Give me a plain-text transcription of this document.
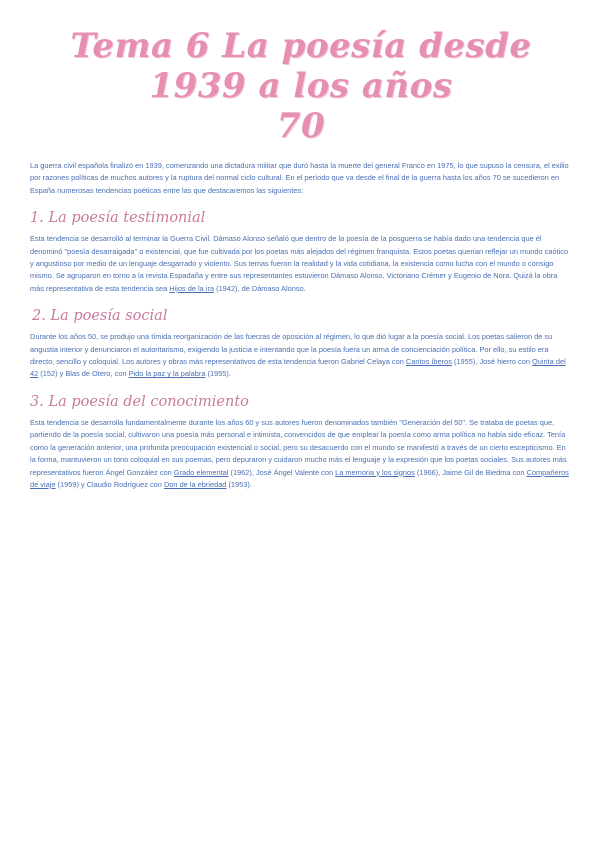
Tema 6 La poesía desde 1939 a los años
70

La guerra civil española finalizó en 1939, comenzando una dictadura militar que duró hasta la muerte del general Franco en 1975, lo que supuso la censura, el exilio por razones políticas de muchos autores y la ruptura del normal ciclo cultural. En el período que va desde el final de la guerra hasta los años 70 se sucedieron en España numerosas tendencias poéticas entre las que destacaremos las siguientes:

1. La poesía testimonial

Esta tendencia se desarrolló al terminar la Guerra Civil. Dámaso Alonso señaló que dentro de la poesía de la posguerra se había dado una tendencia que él denominó "poesía desarraigada" o existencial, que fue cultivada por los poetas más alejados del régimen franquista. Estos poetas querían reflejar un mundo caótico y angustioso por medio de un lenguaje desgarrado y violento. Sus temas fueron la realidad y la vida cotidiana, la existencia como lucha con el mundo o consigo mismo. Se agruparon en torno a la revista Espadaña y entre sus representantes estuvieron Dámaso Alonso, Victoriano Crémer y Eugenio de Nora. Quizá la obra más representativa de esta tendencia sea Hijos de la ira (1942), de Dámaso Alonso.

2. La poesía social

Durante los años 50, se produjo una tímida reorganización de las fuerzas de oposición al régimen, lo que dió lugar a la poesía social. Los poetas salieron de su angustia interior y denunciaron el autoritarismo, exigiendo la justicia e intentando que la poesía fuera un arma de concienciación política. Por ello, su estilo era directo, sencillo y coloquial. Los autores y obras más representativos de esta tendencia fueron Gabriel Celaya con Cantos íberos (1955), José hierro con Quinta del 42 (152) y Blas de Otero, con Pido la paz y la palabra (1955).

3. La poesía del conocimiento

Esta tendencia se desarrolla fundamentalmente durante los años 60 y sus autores fueron denominados también "Generación del 50". Se trataba de poetas que, partiendo de la poesía social, cultivaron una poesía más personal e intimista, convencidos de que emplear la poesía como arma política no había sido eficaz. Tenía como la generación anterior, una profunda preocupación existencial o social, pero su desacuerdo con el mundo se manifestó a través de un cierto escepticismo. En la forma, mantuvieron un tono coloquial en sus poemas, pero depuraron y cuidaron mucho más el lenguaje y la expresión que los poetas sociales. Sus autores más representativos fueron Ángel González con Grado elemental (1962), José Ángel Valente con La memoria y los signos (1966), Jaime Gil de Biedma con Compañeros de viaje (1959) y Claudio Rodríguez con Don de la ebriedad (1953).
